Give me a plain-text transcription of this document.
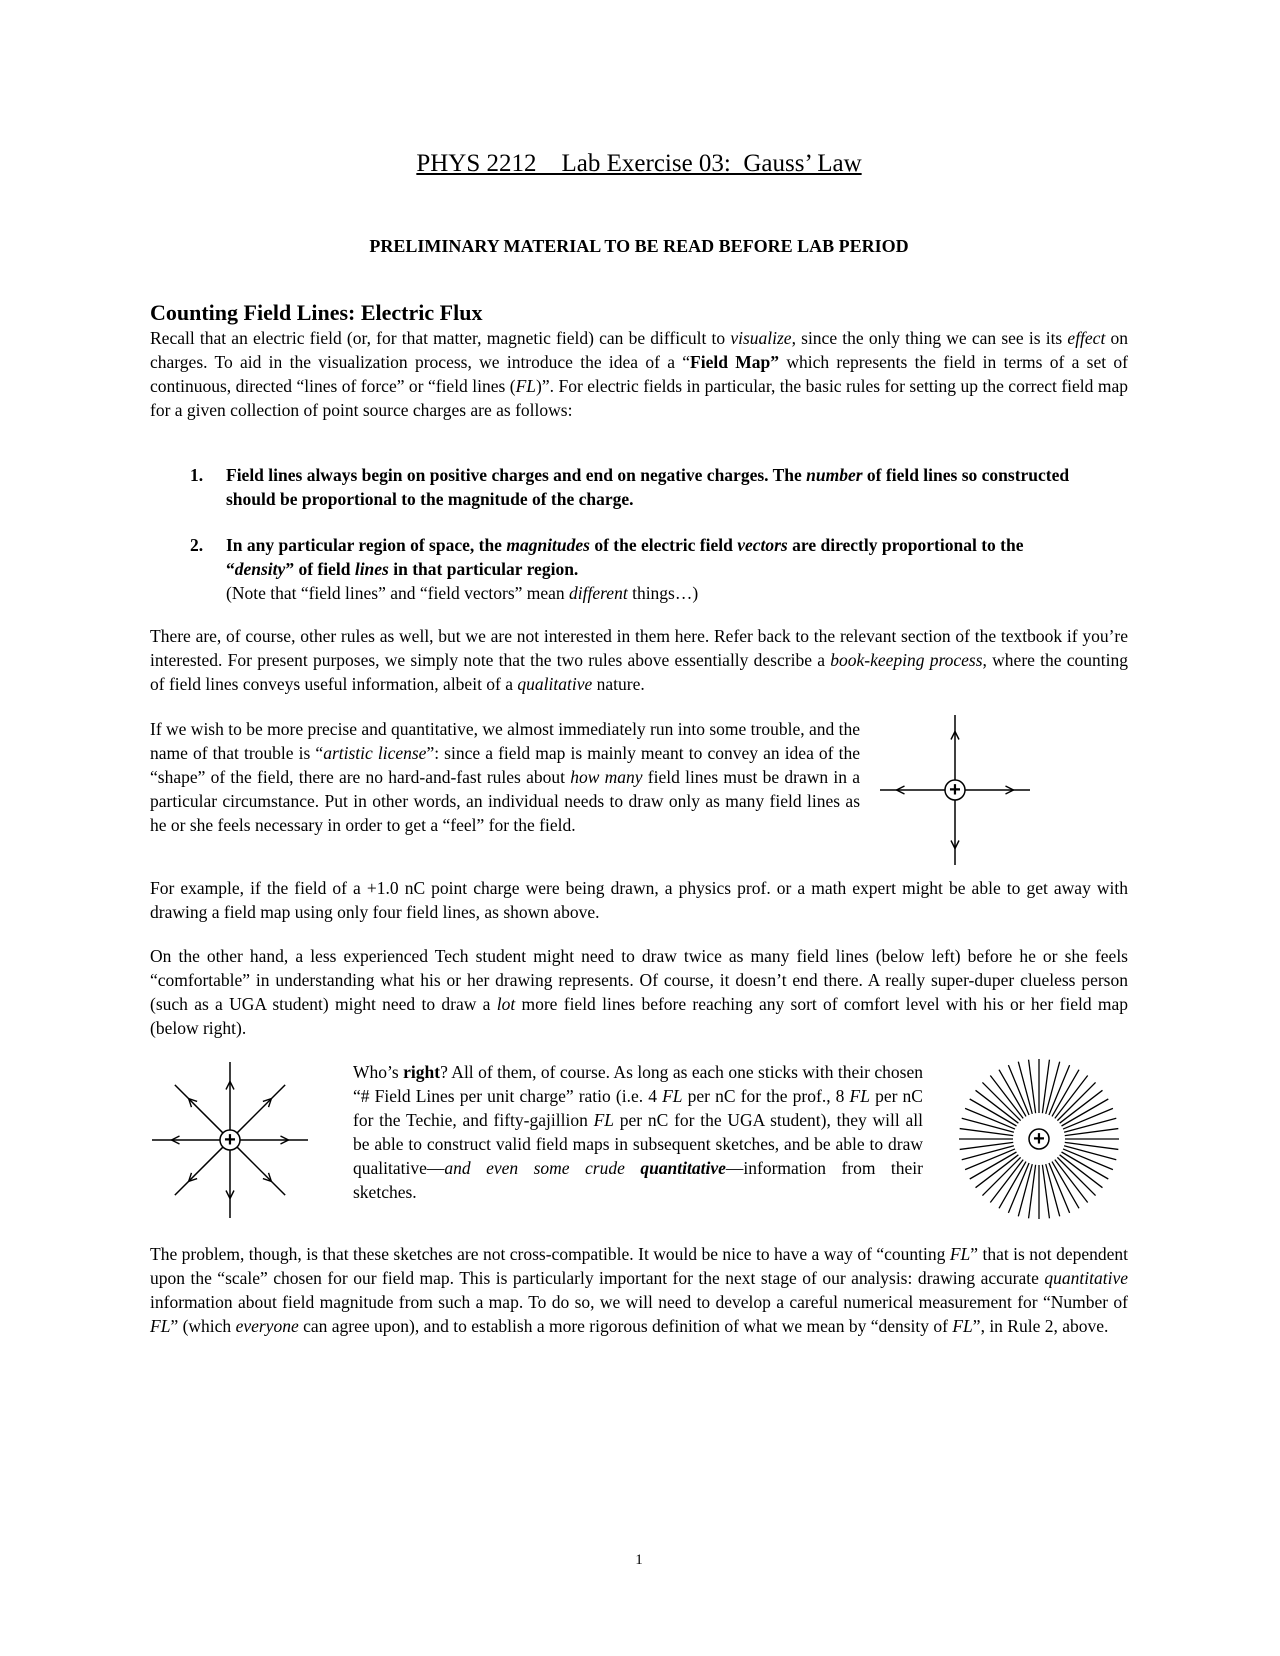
PHYS 2212    Lab Exercise 03:  Gauss’ Law
PRELIMINARY MATERIAL TO BE READ BEFORE LAB PERIOD
Counting Field Lines: Electric Flux

Recall that an electric field (or, for that matter, magnetic field) can be difficult to visualize, since the only thing we can see is its effect on charges. To aid in the visualization process, we introduce the idea of a “Field Map” which represents the field in terms of a set of continuous, directed “lines of force” or “field lines (FL)”. For electric fields in particular, the basic rules for setting up the correct field map for a given collection of point source charges are as follows:

1. Field lines always begin on positive charges and end on negative charges. The number of field lines so constructed should be proportional to the magnitude of the charge.
2. In any particular region of space, the magnitudes of the electric field vectors are directly proportional to the “density” of field lines in that particular region.
(Note that “field lines” and “field vectors” mean different things…)

There are, of course, other rules as well, but we are not interested in them here. Refer back to the relevant section of the textbook if you’re interested. For present purposes, we simply note that the two rules above essentially describe a book-keeping process, where the counting of field lines conveys useful information, albeit of a qualitative nature.

If we wish to be more precise and quantitative, we almost immediately run into some trouble, and the name of that trouble is “artistic license”: since a field map is mainly meant to convey an idea of the “shape” of the field, there are no hard-and-fast rules about how many field lines must be drawn in a particular circumstance. Put in other words, an individual needs to draw only as many field lines as he or she feels necessary in order to get a “feel” for the field.

For example, if the field of a +1.0 nC point charge were being drawn, a physics prof. or a math expert might be able to get away with drawing a field map using only four field lines, as shown above.

On the other hand, a less experienced Tech student might need to draw twice as many field lines (below left) before he or she feels “comfortable” in understanding what his or her drawing represents. Of course, it doesn’t end there. A really super-duper clueless person (such as a UGA student) might need to draw a lot more field lines before reaching any sort of comfort level with his or her field map (below right).

Who’s right? All of them, of course. As long as each one sticks with their chosen “# Field Lines per unit charge” ratio (i.e. 4 FL per nC for the prof., 8 FL per nC for the Techie, and fifty-gajillion FL per nC for the UGA student), they will all be able to construct valid field maps in subsequent sketches, and be able to draw qualitative—and even some crude quantitative—information from their sketches.

The problem, though, is that these sketches are not cross-compatible. It would be nice to have a way of “counting FL” that is not dependent upon the “scale” chosen for our field map. This is particularly important for the next stage of our analysis: drawing accurate quantitative information about field magnitude from such a map. To do so, we will need to develop a careful numerical measurement for “Number of FL” (which everyone can agree upon), and to establish a more rigorous definition of what we mean by “density of FL”, in Rule 2, above.

1
+
+	+
